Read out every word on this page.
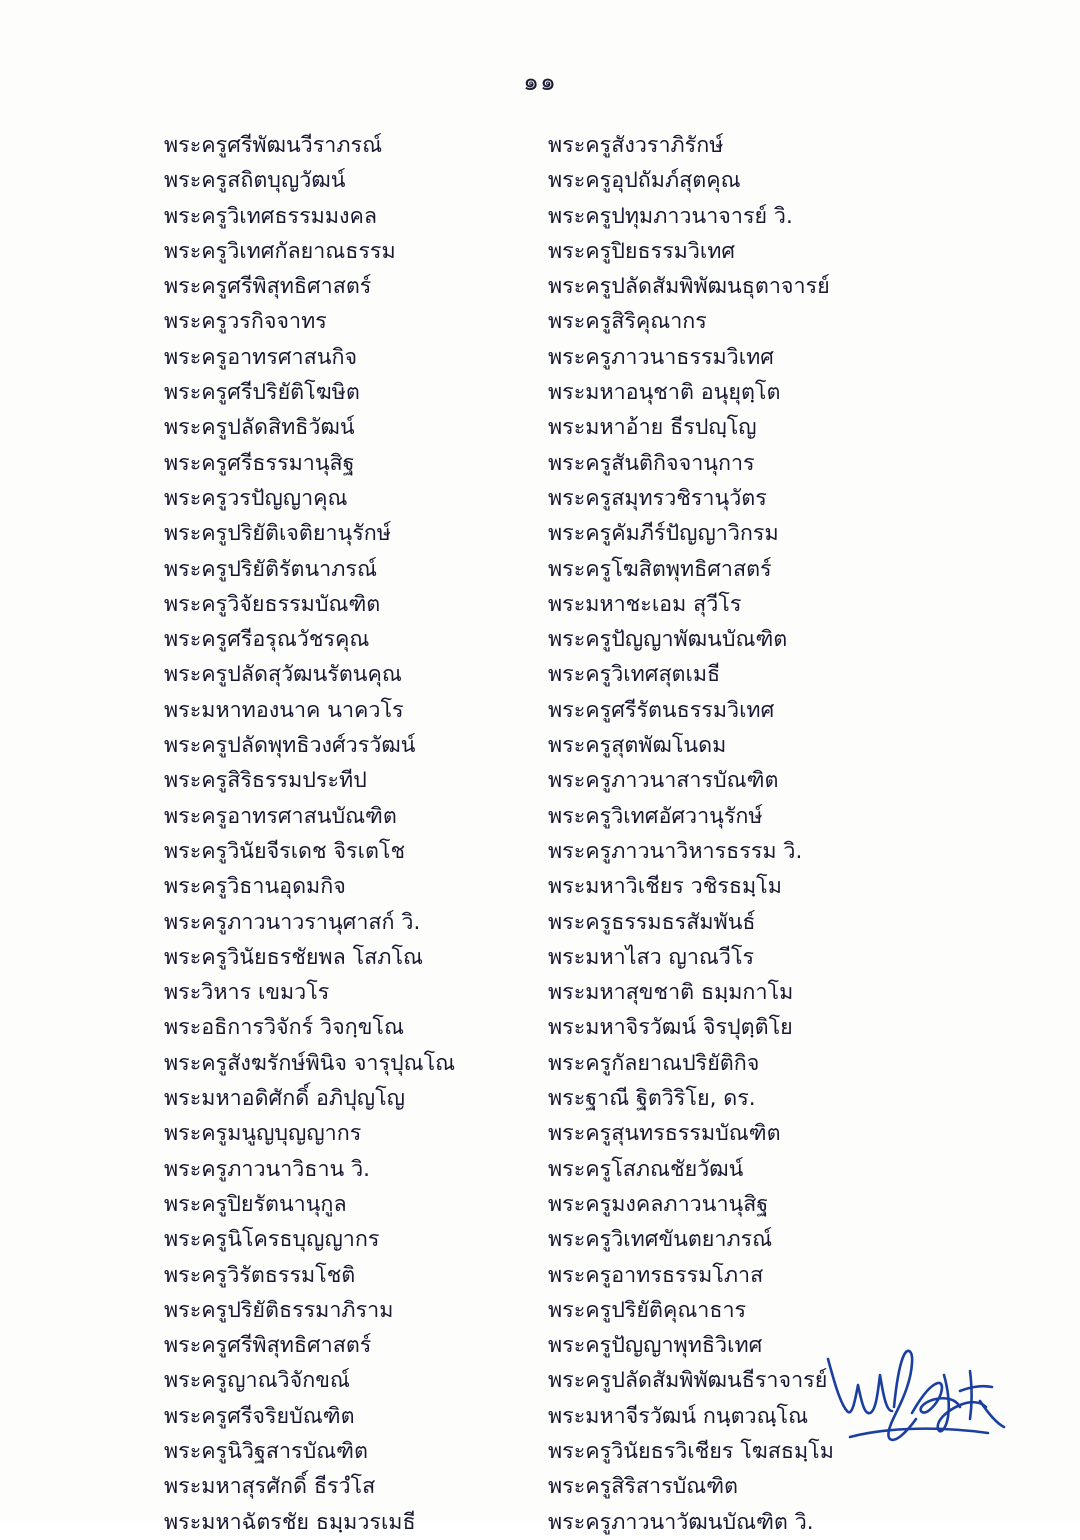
๑๑
พระครูศรีพัฒนวีราภรณ์
พระครูสถิตบุญวัฒน์
พระครูวิเทศธรรมมงคล
พระครูวิเทศกัลยาณธรรม
พระครูศรีพิสุทธิศาสตร์
พระครูวรกิจจาทร
พระครูอาทรศาสนกิจ
พระครูศรีปริยัติโฆษิต
พระครูปลัดสิทธิวัฒน์
พระครูศรีธรรมานุสิฐ
พระครูวรปัญญาคุณ
พระครูปริยัติเจติยานุรักษ์
พระครูปริยัติรัตนาภรณ์
พระครูวิจัยธรรมบัณฑิต
พระครูศรีอรุณวัชรคุณ
พระครูปลัดสุวัฒนรัตนคุณ
พระมหาทองนาค นาควโร
พระครูปลัดพุทธิวงศ์วรวัฒน์
พระครูสิริธรรมประทีป
พระครูอาทรศาสนบัณฑิต
พระครูวินัยจีรเดช จิรเตโช
พระครูวิธานอุดมกิจ
พระครูภาวนาวรานุศาสก์ วิ.
พระครูวินัยธรชัยพล โสภโณ
พระวิหาร เขมวโร
พระอธิการวิจักร์ วิจกฺขโณ
พระครูสังฆรักษ์พินิจ จารุปุณโณ
พระมหาอดิศักดิ์ อภิปุญโญ
พระครูมนูญบุญญากร
พระครูภาวนาวิธาน วิ.
พระครูปิยรัตนานุกูล
พระครูนิโครธบุญญากร
พระครูวิรัตธรรมโชติ
พระครูปริยัติธรรมาภิราม
พระครูศรีพิสุทธิศาสตร์
พระครูญาณวิจักขณ์
พระครูศรีจริยบัณฑิต
พระครูนิวิฐสารบัณฑิต
พระมหาสุรศักดิ์ ธีรวํโส
พระมหาฉัตรชัย ธมฺมวรเมธี
พระครูสังวราภิรักษ์
พระครูอุปถัมภ์สุตคุณ
พระครูปทุมภาวนาจารย์ วิ.
พระครูปิยธรรมวิเทศ
พระครูปลัดสัมพิพัฒนธุตาจารย์
พระครูสิริคุณากร
พระครูภาวนาธรรมวิเทศ
พระมหาอนุชาติ อนุยุตฺโต
พระมหาอ้าย ธีรปญฺโญ
พระครูสันติกิจจานุการ
พระครูสมุทรวชิรานุวัตร
พระครูคัมภีร์ปัญญาวิกรม
พระครูโฆสิตพุทธิศาสตร์
พระมหาชะเอม สุวีโร
พระครูปัญญาพัฒนบัณฑิต
พระครูวิเทศสุตเมธี
พระครูศรีรัตนธรรมวิเทศ
พระครูสุตพัฒโนดม
พระครูภาวนาสารบัณฑิต
พระครูวิเทศอัศวานุรักษ์
พระครูภาวนาวิหารธรรม วิ.
พระมหาวิเชียร วชิรธมฺโม
พระครูธรรมธรสัมพันธ์
พระมหาไสว ญาณวีโร
พระมหาสุขชาติ ธมฺมกาโม
พระมหาจิรวัฒน์ จิรปุตฺติโย
พระครูกัลยาณปริยัติกิจ
พระฐาณี ฐิตวิริโย, ดร.
พระครูสุนทรธรรมบัณฑิต
พระครูโสภณชัยวัฒน์
พระครูมงคลภาวนานุสิฐ
พระครูวิเทศขันตยาภรณ์
พระครูอาทรธรรมโภาส
พระครูปริยัติคุณาธาร
พระครูปัญญาพุทธิวิเทศ
พระครูปลัดสัมพิพัฒนธีราจารย์
พระมหาจีรวัฒน์ กนฺตวณฺโณ
พระครูวินัยธรวิเชียร โฆสธมฺโม
พระครูสิริสารบัณฑิต
พระครูภาวนาวัฒนบัณฑิต วิ.
